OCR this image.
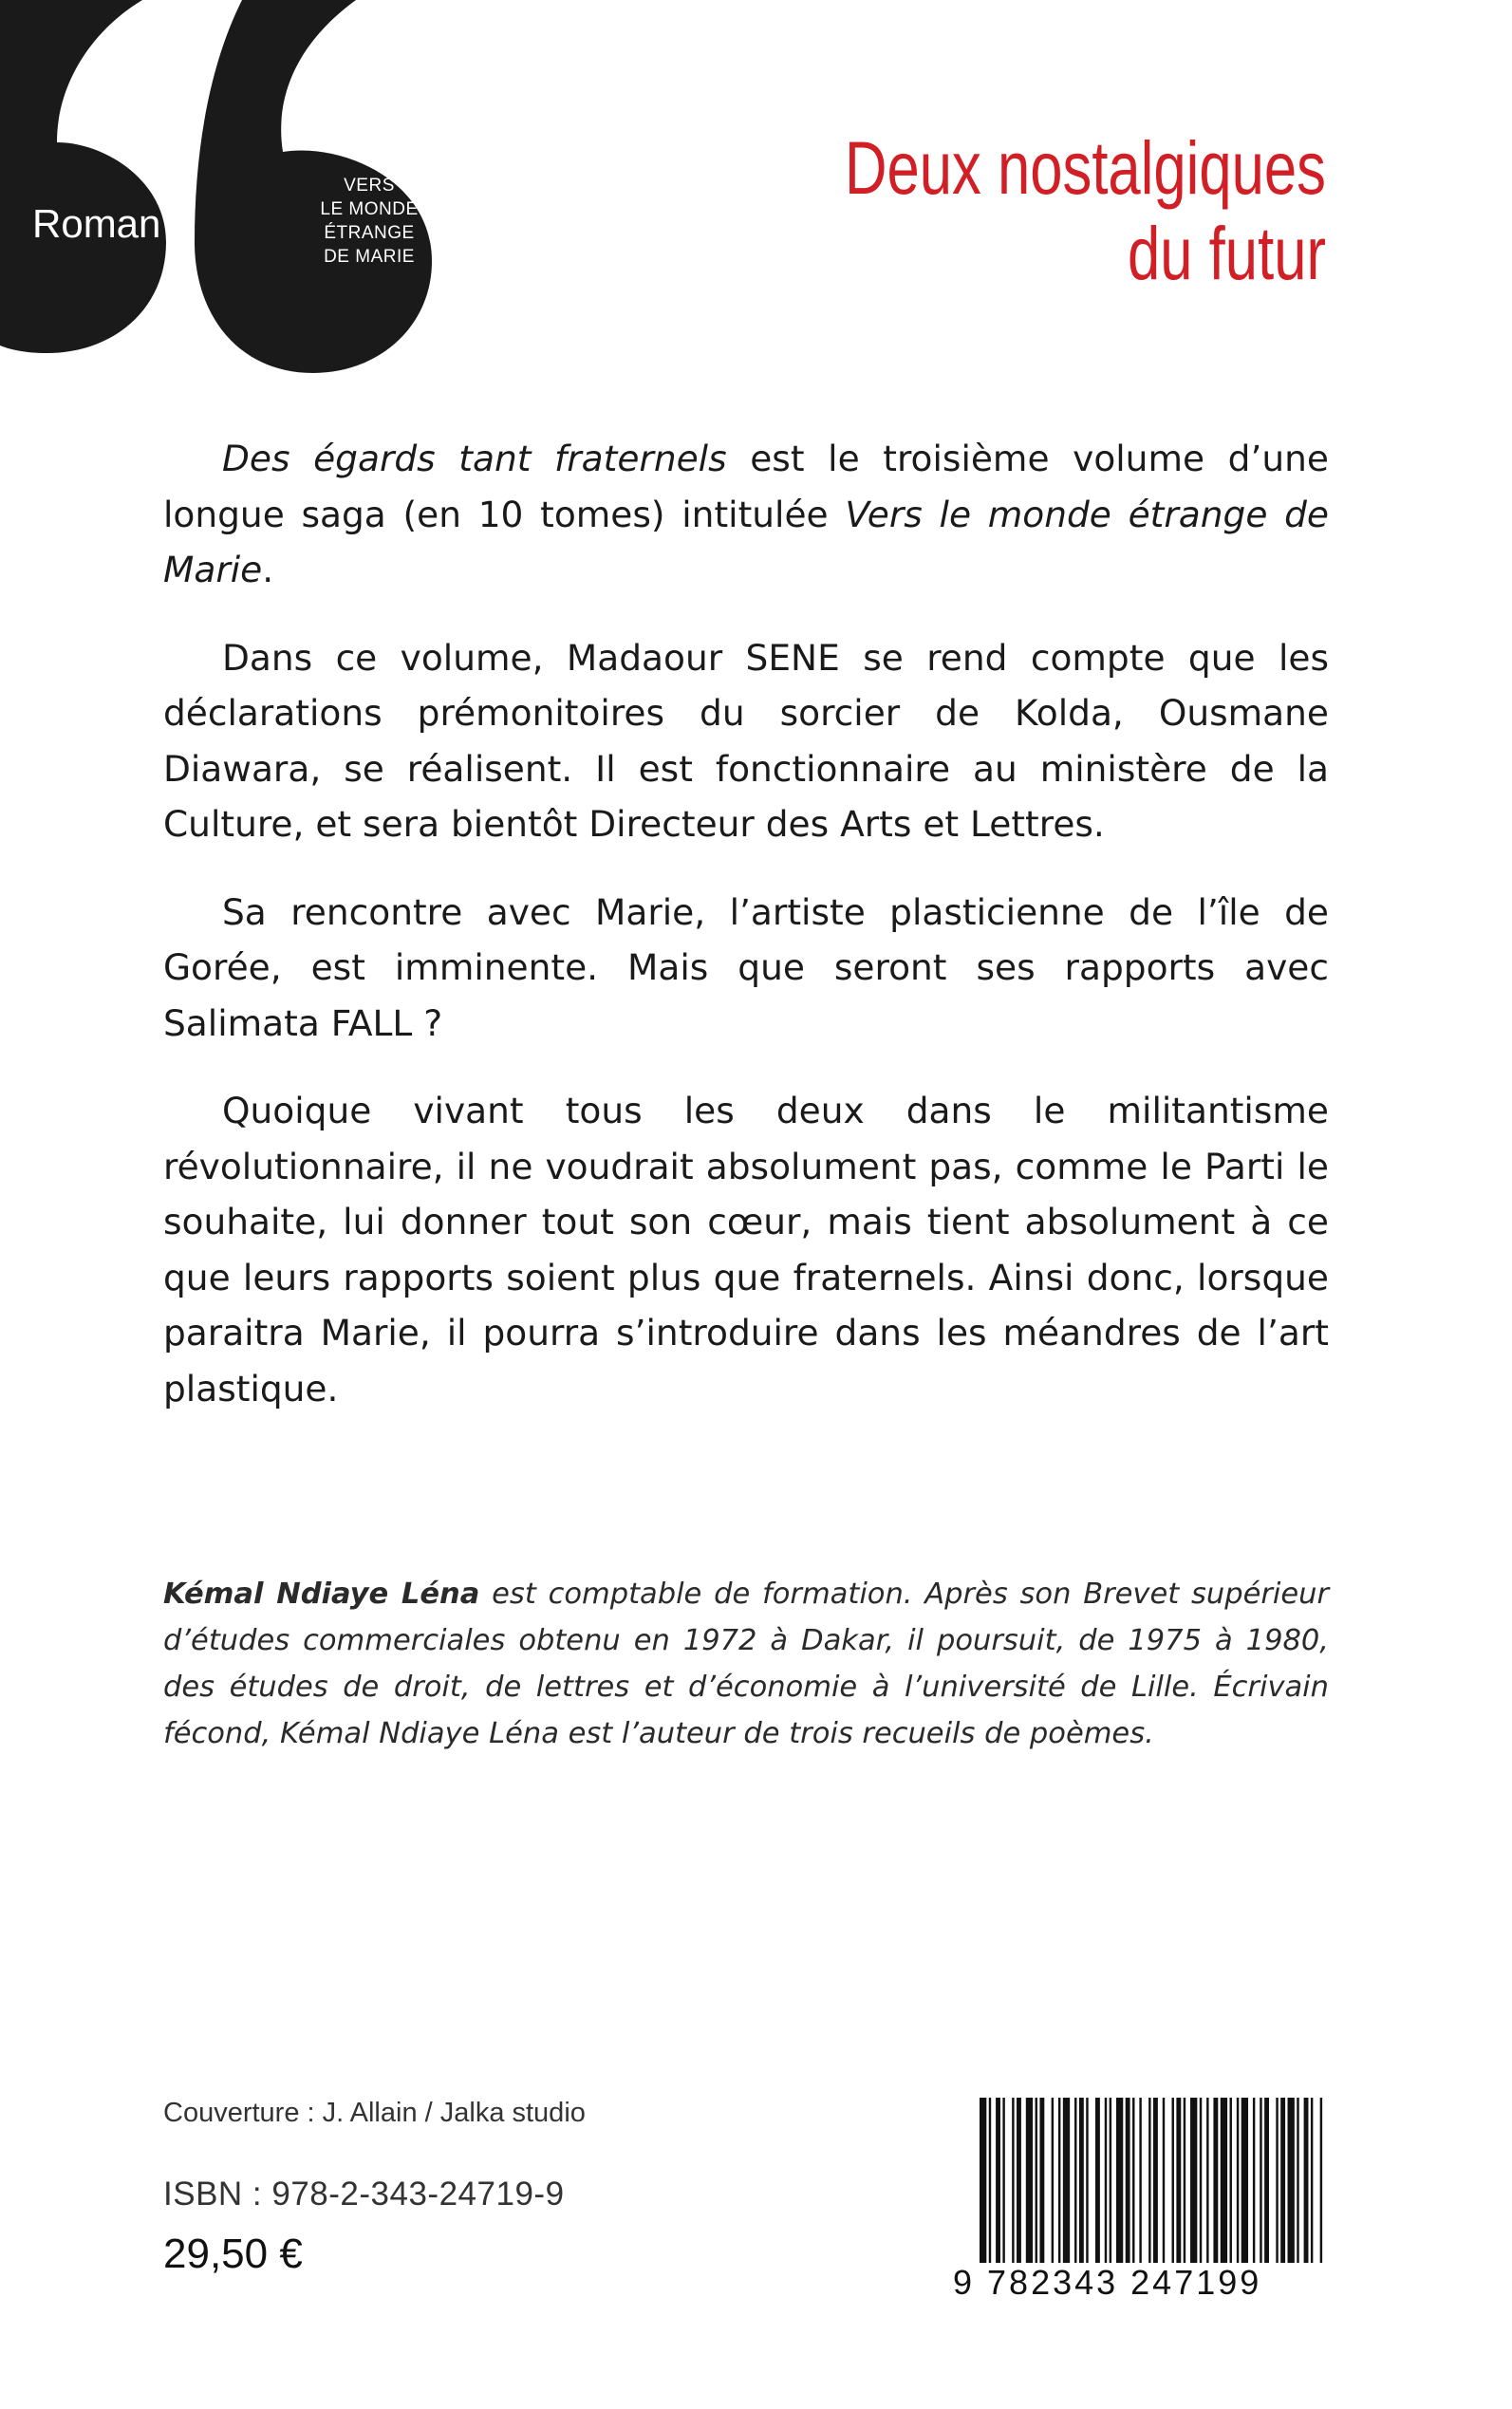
Roman
VERS
LE MONDE
ÉTRANGE
DE MARIE
Deux nostalgiques
du futur

Des égards tant fraternels est le troisième volume d’une longue saga (en 10 tomes) intitulée Vers le monde étrange de Marie.

Dans ce volume, Madaour SENE se rend compte que les déclarations prémonitoires du sorcier de Kolda, Ousmane Diawara, se réalisent. Il est fonctionnaire au ministère de la Culture, et sera bientôt Directeur des Arts et Lettres.

Sa rencontre avec Marie, l’artiste plasticienne de l’île de Gorée, est imminente. Mais que seront ses rapports avec Salimata FALL ?

Quoique vivant tous les deux dans le militantisme révolutionnaire, il ne voudrait absolument pas, comme le Parti le souhaite, lui donner tout son cœur, mais tient absolument à ce que leurs rapports soient plus que fraternels. Ainsi donc, lorsque paraitra Marie, il pourra s’introduire dans les méandres de l’art plastique.

Kémal Ndiaye Léna est comptable de formation. Après son Brevet supérieur d’études commerciales obtenu en 1972 à Dakar, il poursuit, de 1975 à 1980, des études de droit, de lettres et d’économie à l’université de Lille. Écrivain fécond, Kémal Ndiaye Léna est l’auteur de trois recueils de poèmes.
Couverture : J. Allain / Jalka studio
ISBN : 978-2-343-24719-9
29,50 €
9 782343 247199
